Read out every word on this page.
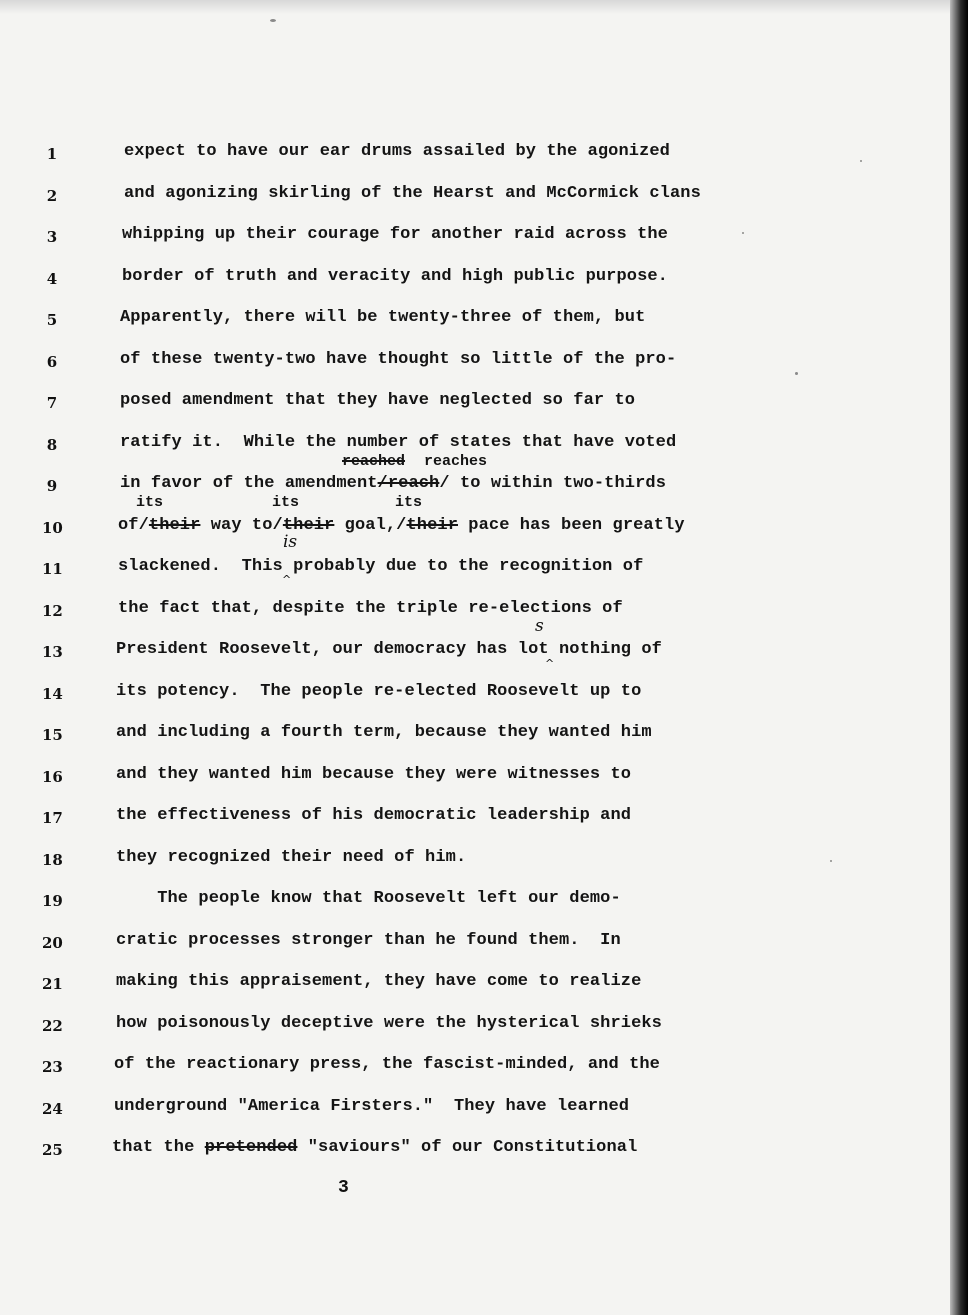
1
2
3
4
5
6
7
8
9
10
11
12
13
14
15
16
17
18
19
20
21
22
23
24
25
expect to have our ear drums assailed by the agonized
and agonizing skirling of the Hearst and McCormick clans
whipping up their courage for another raid across the
border of truth and veracity and high public purpose.
Apparently, there will be twenty-three of them, but
of these twenty-two have thought so little of the pro-
posed amendment that they have neglected so far to
ratify it.  While the number of states that have voted
in favor of the amendment/reach/ to within two-thirds
of/their way to/their goal,/their pace has been greatly
slackened.  This probably due to the recognition of
the fact that, despite the triple re-elections of
President Roosevelt, our democracy has lot nothing of
its potency.  The people re-elected Roosevelt up to
and including a fourth term, because they wanted him
and they wanted him because they were witnesses to
the effectiveness of his democratic leadership and
they recognized their need of him.
The people know that Roosevelt left our demo-
cratic processes stronger than he found them.  In
making this appraisement, they have come to realize
how poisonously deceptive were the hysterical shrieks
of the reactionary press, the fascist-minded, and the
underground "America Firsters."  They have learned
that the pretended "saviours" of our Constitutional
reached reaches
its	its	its
is
^
s
^
3
